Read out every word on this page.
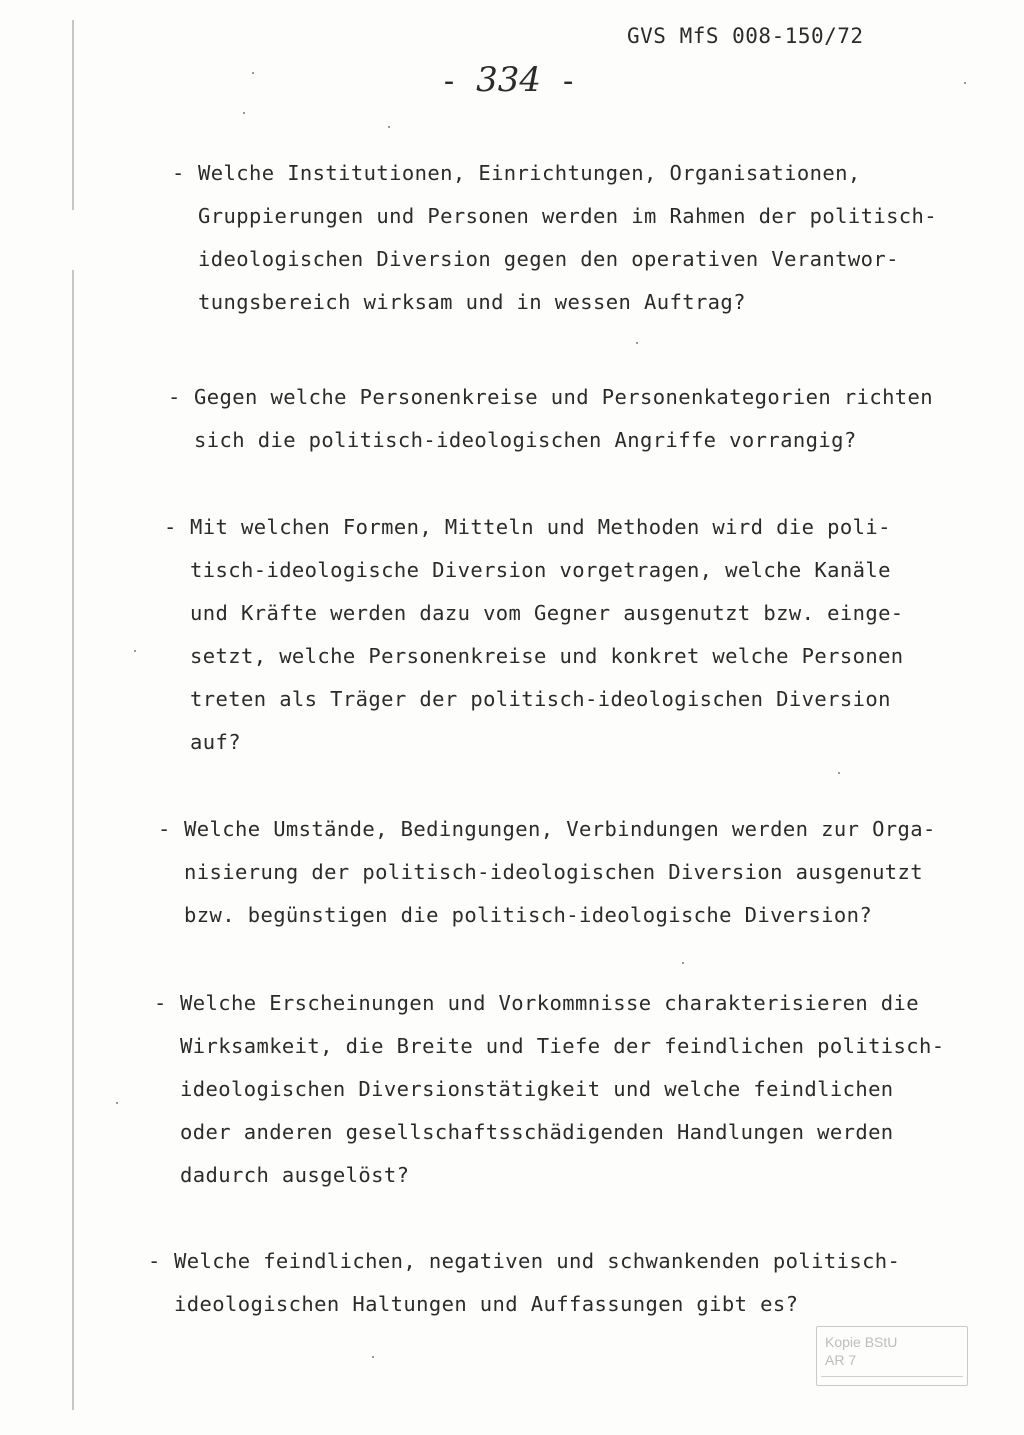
GVS MfS 008-150/72
- 334 -
- Welche Institutionen, Einrichtungen, Organisationen,
Gruppierungen und Personen werden im Rahmen der politisch-
ideologischen Diversion gegen den operativen Verantwor-
tungsbereich wirksam und in wessen Auftrag?
- Gegen welche Personenkreise und Personenkategorien richten
sich die politisch-ideologischen Angriffe vorrangig?
- Mit welchen Formen, Mitteln und Methoden wird die poli-
tisch-ideologische Diversion vorgetragen, welche Kanäle
und Kräfte werden dazu vom Gegner ausgenutzt bzw. einge-
setzt, welche Personenkreise und konkret welche Personen
treten als Träger der politisch-ideologischen Diversion
auf?
- Welche Umstände, Bedingungen, Verbindungen werden zur Orga-
nisierung der politisch-ideologischen Diversion ausgenutzt
bzw. begünstigen die politisch-ideologische Diversion?
- Welche Erscheinungen und Vorkommnisse charakterisieren die
Wirksamkeit, die Breite und Tiefe der feindlichen politisch-
ideologischen Diversionstätigkeit und welche feindlichen
oder anderen gesellschaftsschädigenden Handlungen werden
dadurch ausgelöst?
- Welche feindlichen, negativen und schwankenden politisch-
ideologischen Haltungen und Auffassungen gibt es?
Kopie BStU
AR 7
